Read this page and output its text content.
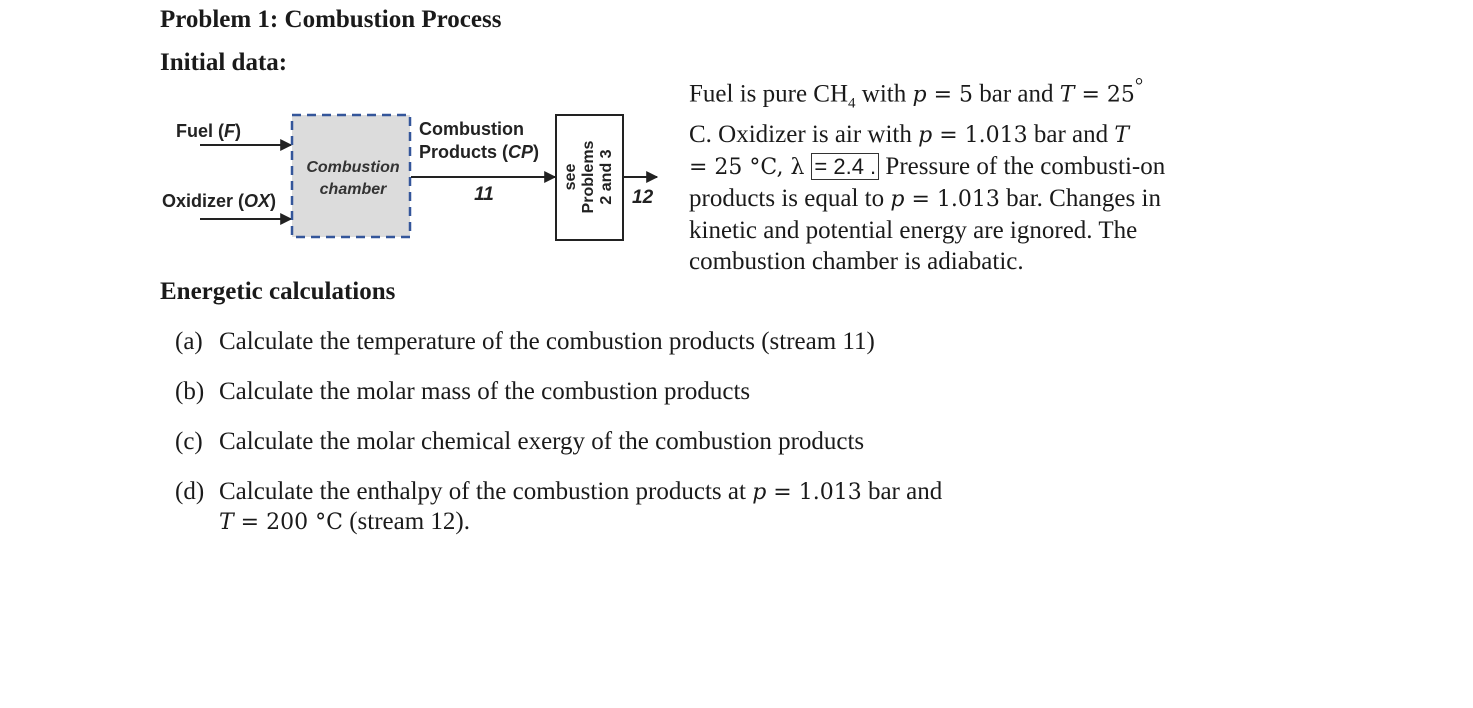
Problem 1: Combustion Process
Initial data:
Fuel (F)
Oxidizer (OX)
Combustion
chamber
Combustion
Products (CP)
11
see Problems 2 and 3 12
Fuel is pure $CH_4$ with p = 5 bar and T = 25°
C. Oxidizer is air with p = 1.013 bar and T
= 25 °C, λ = 2.4 . Pressure of the combusti-on
products is equal to p = 1.013 bar. Changes in
kinetic and potential energy are ignored. The
combustion chamber is adiabatic.
Energetic calculations
(a) Calculate the temperature of the combustion products (stream 11)
(b) Calculate the molar mass of the combustion products
(c) Calculate the molar chemical exergy of the combustion products
(d) Calculate the enthalpy of the combustion products at p = 1.013 bar and
T = 200 °C (stream 12).
